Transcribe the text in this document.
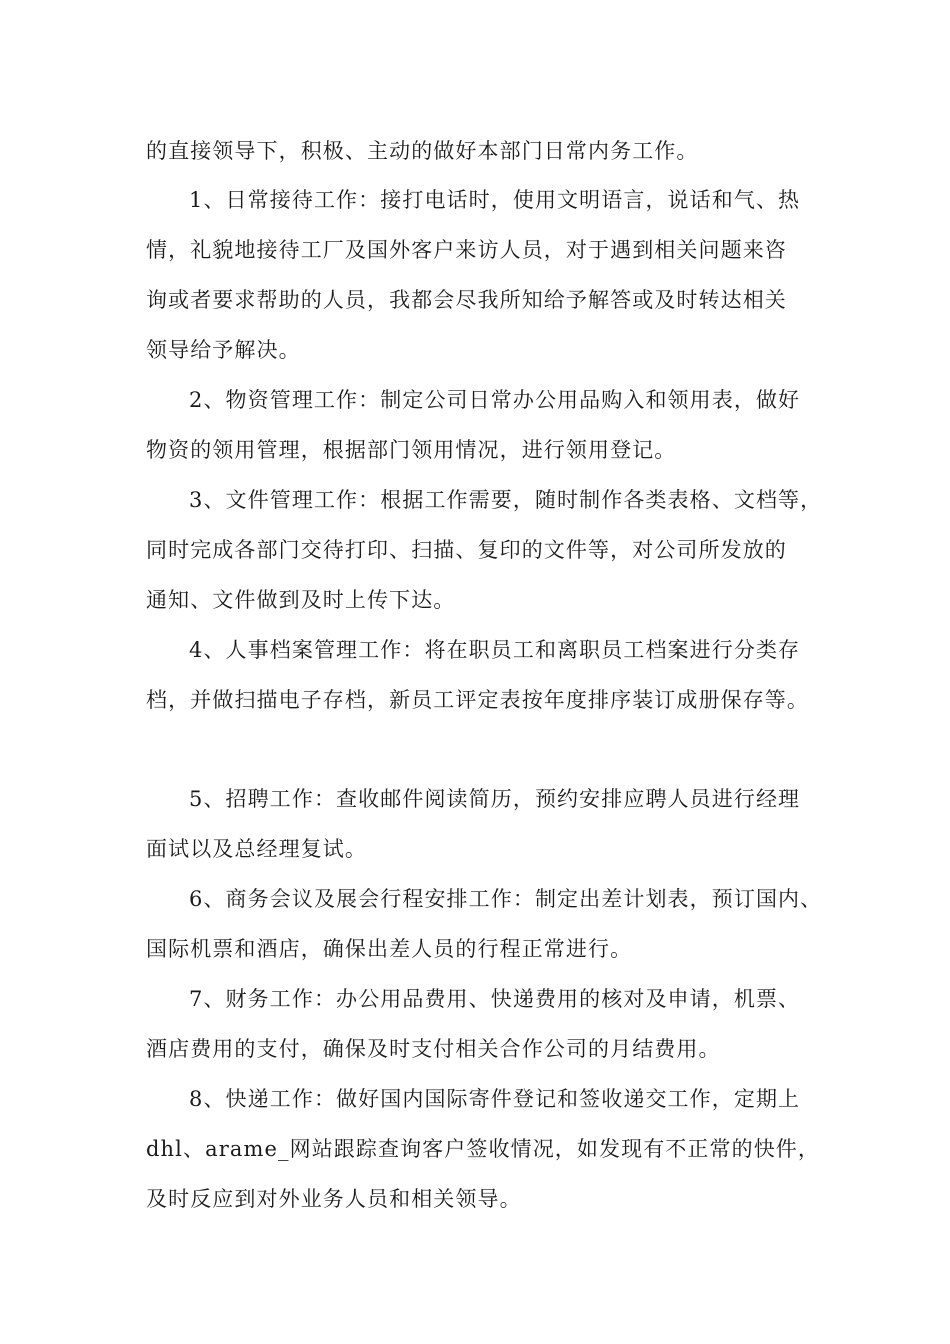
的直接领导下，积极、主动的做好本部门日常内务工作。
1、日常接待工作：接打电话时，使用文明语言，说话和气、热
情，礼貌地接待工厂及国外客户来访人员，对于遇到相关问题来咨
询或者要求帮助的人员，我都会尽我所知给予解答或及时转达相关
领导给予解决。
2、物资管理工作：制定公司日常办公用品购入和领用表，做好
物资的领用管理，根据部门领用情况，进行领用登记。
3、文件管理工作：根据工作需要，随时制作各类表格、文档等，
同时完成各部门交待打印、扫描、复印的文件等，对公司所发放的
通知、文件做到及时上传下达。
4、人事档案管理工作：将在职员工和离职员工档案进行分类存
档，并做扫描电子存档，新员工评定表按年度排序装订成册保存等。
5、招聘工作：查收邮件阅读简历，预约安排应聘人员进行经理
面试以及总经理复试。
6、商务会议及展会行程安排工作：制定出差计划表，预订国内、
国际机票和酒店，确保出差人员的行程正常进行。
7、财务工作：办公用品费用、快递费用的核对及申请，机票、
酒店费用的支付，确保及时支付相关合作公司的月结费用。
8、快递工作：做好国内国际寄件登记和签收递交工作，定期上
dhl、arame_网站跟踪查询客户签收情况，如发现有不正常的快件，
及时反应到对外业务人员和相关领导。
